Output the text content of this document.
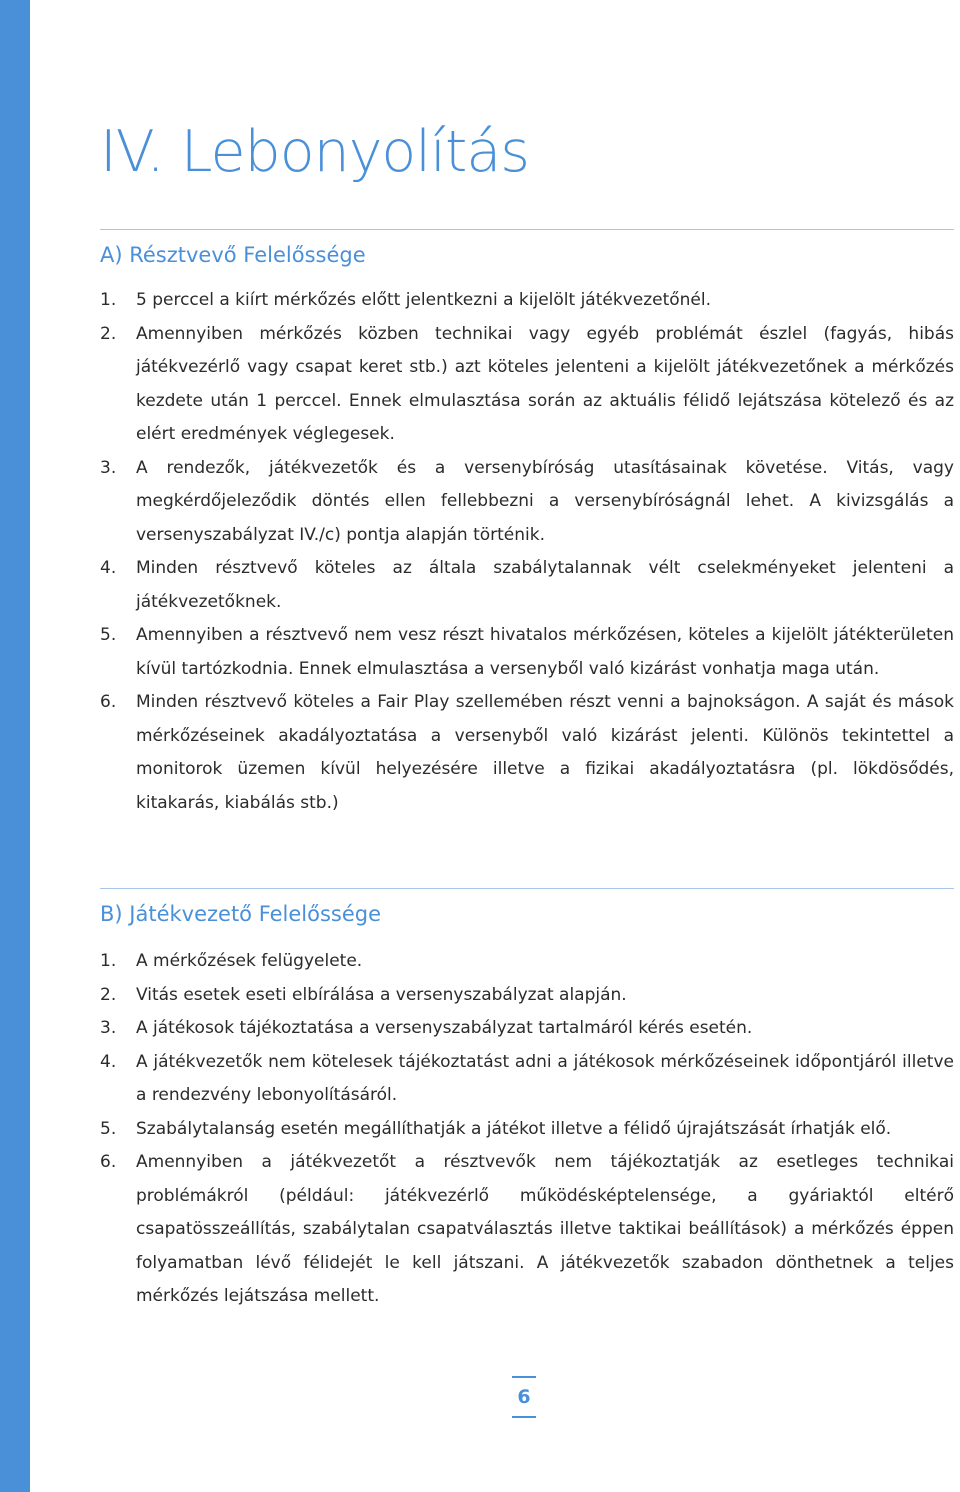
IV. Lebonyolítás
A) Résztvevő Felelőssége
1. 5 perccel a kiírt mérkőzés előtt jelentkezni a kijelölt játékvezetőnél.
2. Amennyiben mérkőzés közben technikai vagy egyéb problémát észlel (fagyás, hibás játékvezérlő vagy csapat keret stb.) azt köteles jelenteni a kijelölt játékvezetőnek a mérkőzés kezdete után 1 perccel. Ennek elmulasztása során az aktuális félidő lejátszása kötelező és az elért eredmények véglegesek.
3. A rendezők, játékvezetők és a versenybíróság utasításainak követése. Vitás, vagy megkérdőjeleződik döntés ellen fellebbezni a versenybíróságnál lehet. A kivizsgálás a versenyszabályzat IV./c) pontja alapján történik.
4. Minden résztvevő köteles az általa szabálytalannak vélt cselekményeket jelenteni a játékvezetőknek.
5. Amennyiben a résztvevő nem vesz részt hivatalos mérkőzésen, köteles a kijelölt játékterületen kívül tartózkodnia. Ennek elmulasztása a versenyből való kizárást vonhatja maga után.
6. Minden résztvevő köteles a Fair Play szellemében részt venni a bajnokságon. A saját és mások mérkőzéseinek akadályoztatása a versenyből való kizárást jelenti. Különös tekintettel a monitorok üzemen kívül helyezésére illetve a fizikai akadályoztatásra (pl. lökdösődés, kitakarás, kiabálás stb.)
B) Játékvezető Felelőssége
1. A mérkőzések felügyelete.
2. Vitás esetek eseti elbírálása a versenyszabályzat alapján.
3. A játékosok tájékoztatása a versenyszabályzat tartalmáról kérés esetén.
4. A játékvezetők nem kötelesek tájékoztatást adni a játékosok mérkőzéseinek időpontjáról illetve a rendezvény lebonyolításáról.
5. Szabálytalanság esetén megállíthatják a játékot illetve a félidő újrajátszását írhatják elő.
6. Amennyiben a játékvezetőt a résztvevők nem tájékoztatják az esetleges technikai problémákról (például: játékvezérlő működésképtelensége, a gyáriaktól eltérő csapatösszeállítás, szabálytalan csapatválasztás illetve taktikai beállítások) a mérkőzés éppen folyamatban lévő félidejét le kell játszani. A játékvezetők szabadon dönthetnek a teljes mérkőzés lejátszása mellett.
6
